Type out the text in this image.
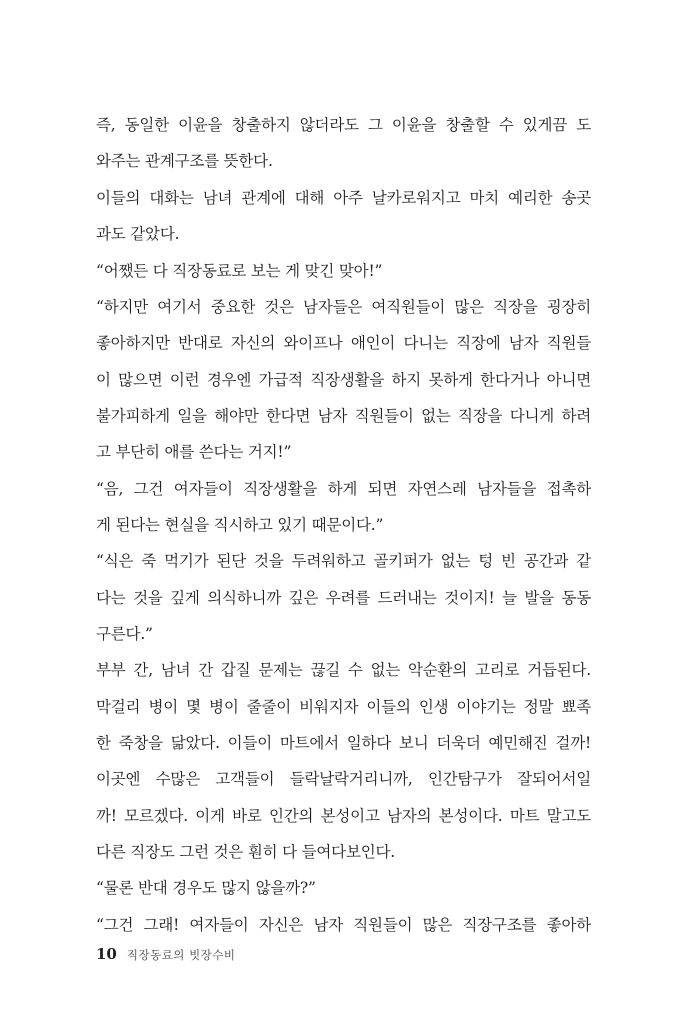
즉, 동일한 이윤을 창출하지 않더라도 그 이윤을 창출할 수 있게끔 도
와주는 관계구조를 뜻한다.
이들의 대화는 남녀 관계에 대해 아주 날카로워지고 마치 예리한 송곳
과도 같았다.
“어쨌든 다 직장동료로 보는 게 맞긴 맞아!”
“하지만 여기서 중요한 것은 남자들은 여직원들이 많은 직장을 굉장히
좋아하지만 반대로 자신의 와이프나 애인이 다니는 직장에 남자 직원들
이 많으면 이런 경우엔 가급적 직장생활을 하지 못하게 한다거나 아니면
불가피하게 일을 해야만 한다면 남자 직원들이 없는 직장을 다니게 하려
고 부단히 애를 쓴다는 거지!”
“음, 그건 여자들이 직장생활을 하게 되면 자연스레 남자들을 접촉하
게 된다는 현실을 직시하고 있기 때문이다.”
“식은 죽 먹기가 된단 것을 두려워하고 골키퍼가 없는 텅 빈 공간과 같
다는 것을 깊게 의식하니까 깊은 우려를 드러내는 것이지! 늘 발을 동동
구른다.”
부부 간, 남녀 간 갑질 문제는 끊길 수 없는 악순환의 고리로 거듭된다.
막걸리 병이 몇 병이 줄줄이 비워지자 이들의 인생 이야기는 정말 뾰족
한 죽창을 닮았다. 이들이 마트에서 일하다 보니 더욱더 예민해진 걸까!
이곳엔 수많은 고객들이 들락날락거리니까, 인간탐구가 잘되어서일
까! 모르겠다. 이게 바로 인간의 본성이고 남자의 본성이다. 마트 말고도
다른 직장도 그런 것은 훤히 다 들여다보인다.
“물론 반대 경우도 많지 않을까?”
“그건 그래! 여자들이 자신은 남자 직원들이 많은 직장구조를 좋아하
10 직장동료의 빗장수비
